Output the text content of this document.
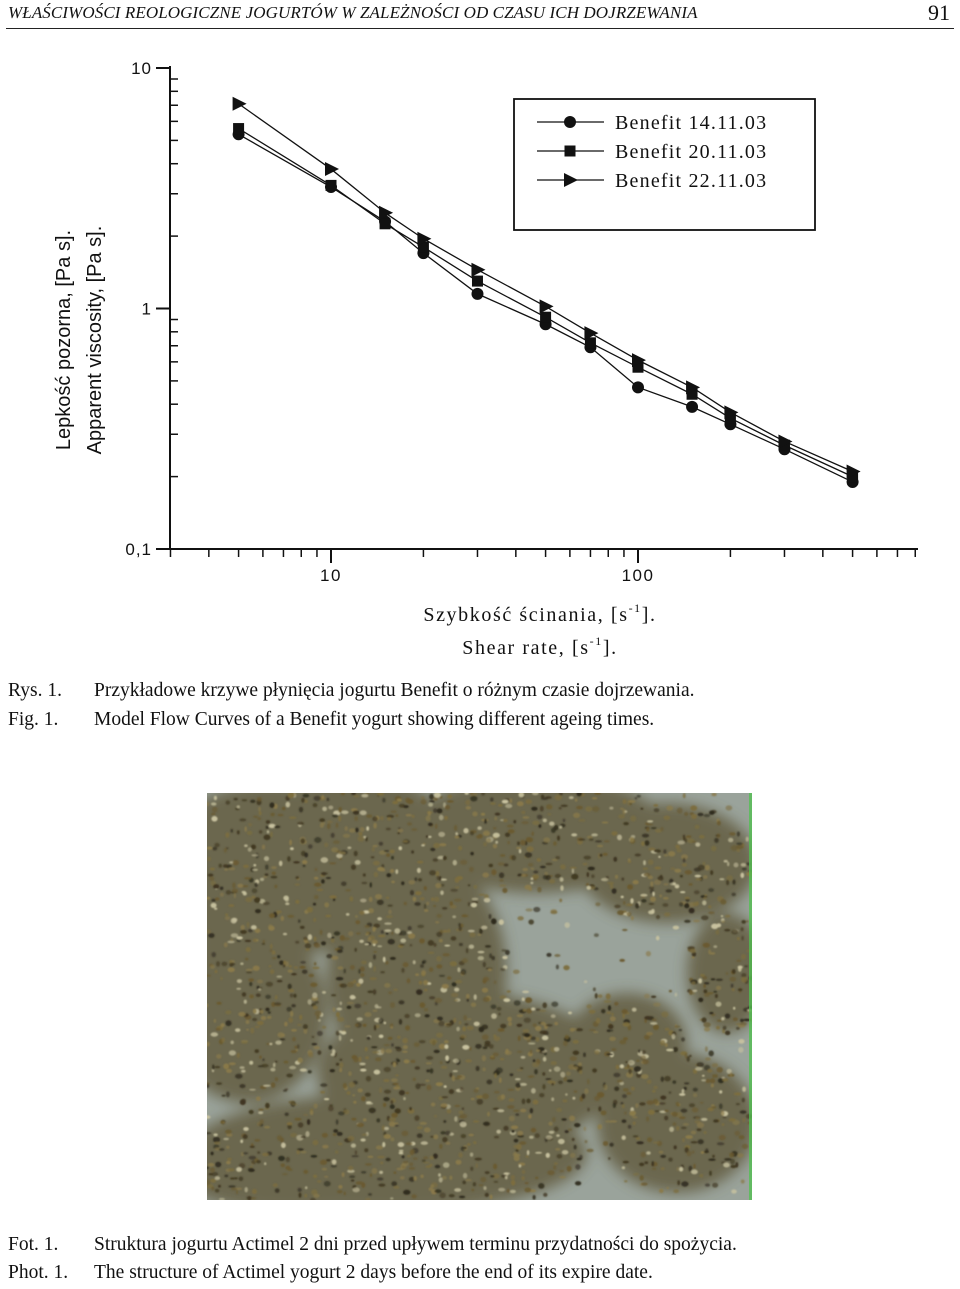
WŁAŚCIWOŚCI REOLOGICZNE JOGURTÓW W ZALEŻNOŚCI OD CZASU ICH DOJRZEWANIA	91
10
1
0,1
10	100
Benefit 14.11.03
Benefit 20.11.03
Benefit 22.11.03
Szybkość ścinania, $[s^{-1}]$.
Shear rate, $[s^{-1}]$.
Lepkość pozorna, [Pa s]. Apparent viscosity, [Pa s].
Rys. 1. Przykładowe krzywe płynięcia jogurtu Benefit o różnym czasie dojrzewania.
Fig. 1. Model Flow Curves of a Benefit yogurt showing different ageing times.
Fot. 1. Struktura jogurtu Actimel 2 dni przed upływem terminu przydatności do spożycia.
Phot. 1. The structure of Actimel yogurt 2 days before the end of its expire date.
